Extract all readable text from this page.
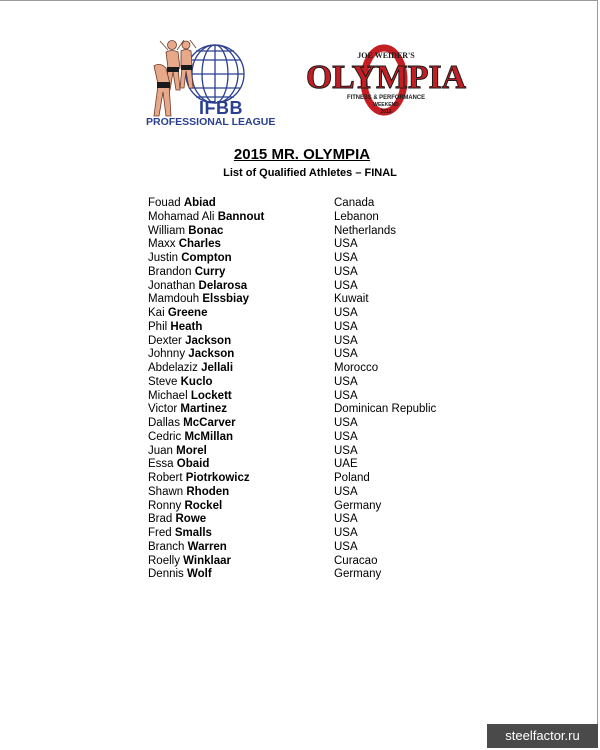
IFBB
PROFESSIONAL LEAGUE
JOE WEIDER'S
OLYMPIA
FITNESS & PERFORMANCE
WEEKEND
2015
2015 MR. OLYMPIA
List of Qualified Athletes – FINAL
Fouad Abiad	Canada
Mohamad Ali Bannout	Lebanon
William Bonac	Netherlands
Maxx Charles	USA
Justin Compton	USA
Brandon Curry	USA
Jonathan Delarosa	USA
Mamdouh Elssbiay	Kuwait
Kai Greene	USA
Phil Heath	USA
Dexter Jackson	USA
Johnny Jackson	USA
Abdelaziz Jellali	Morocco
Steve Kuclo	USA
Michael Lockett	USA
Victor Martinez	Dominican Republic
Dallas McCarver	USA
Cedric McMillan	USA
Juan Morel	USA
Essa Obaid	UAE
Robert Piotrkowicz	Poland
Shawn Rhoden	USA
Ronny Rockel	Germany
Brad Rowe	USA
Fred Smalls	USA
Branch Warren	USA
Roelly Winklaar	Curacao
Dennis Wolf	Germany
steelfactor.ru
